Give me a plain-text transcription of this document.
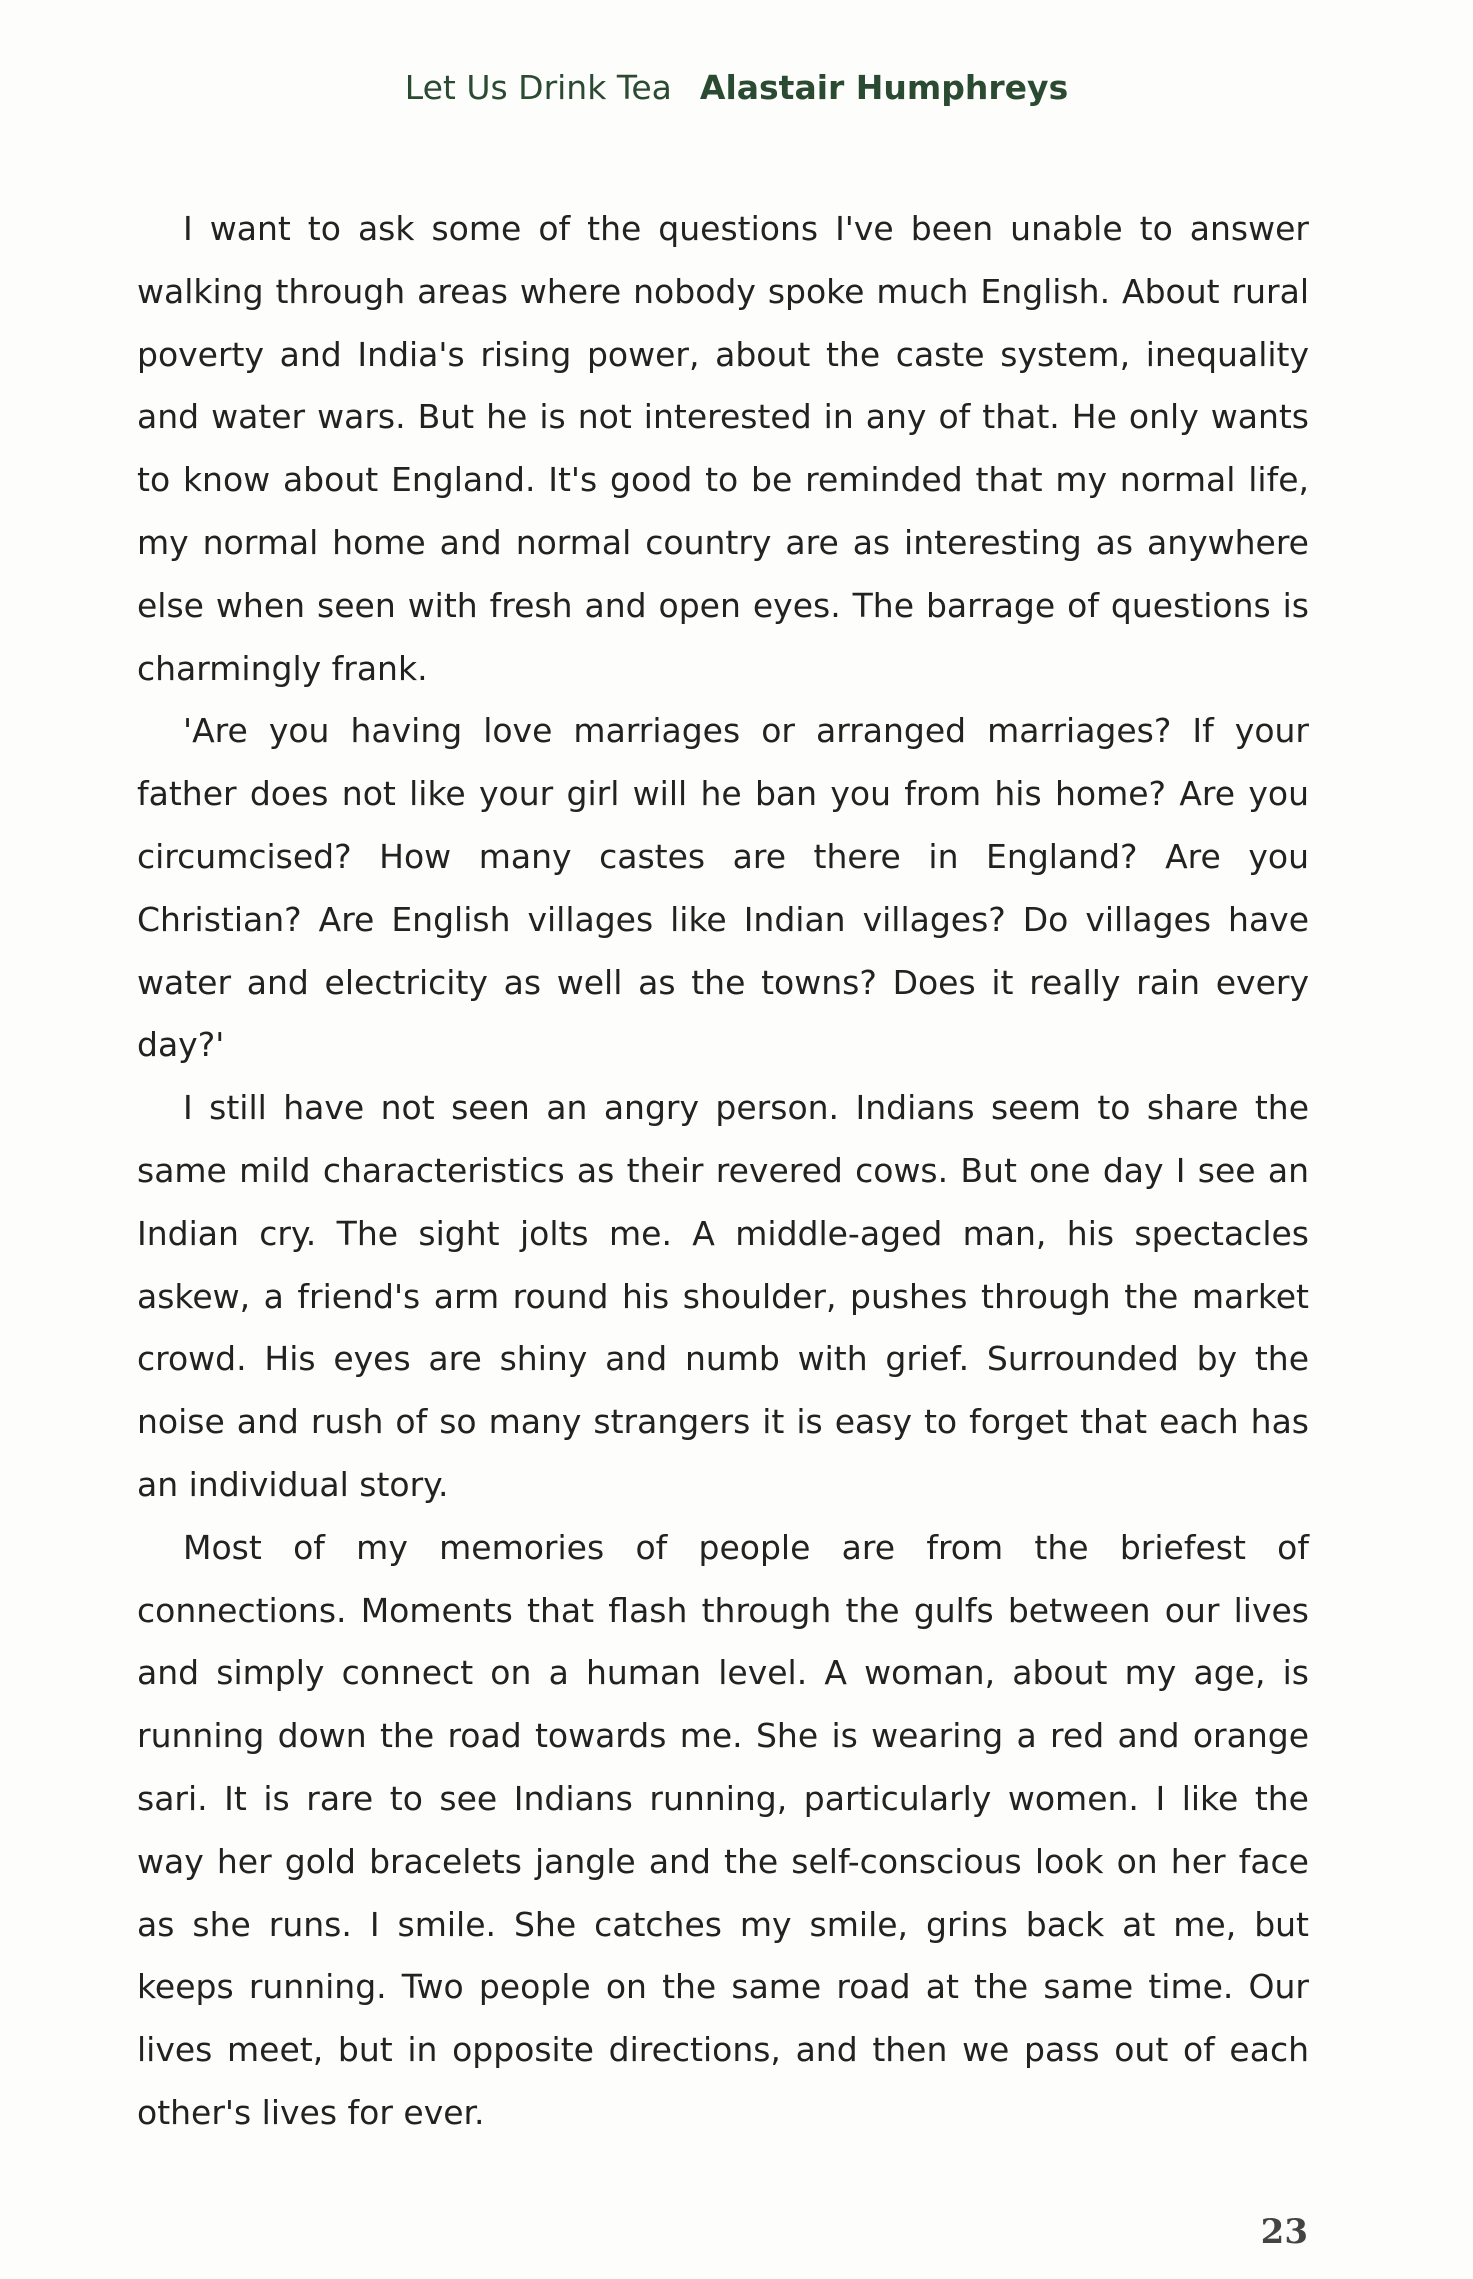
Let Us Drink Tea Alastair Humphreys

I want to ask some of the questions I've been unable to answer walking through areas where nobody spoke much English. About rural poverty and India's rising power, about the caste system, inequality and water wars. But he is not interested in any of that. He only wants to know about England. It's good to be reminded that my normal life, my normal home and normal country are as interesting as anywhere else when seen with fresh and open eyes. The barrage of questions is charmingly frank.

'Are you having love marriages or arranged marriages? If your father does not like your girl will he ban you from his home? Are you circumcised? How many castes are there in England? Are you Christian? Are English villages like Indian villages? Do villages have water and electricity as well as the towns? Does it really rain every day?'

I still have not seen an angry person. Indians seem to share the same mild characteristics as their revered cows. But one day I see an Indian cry. The sight jolts me. A middle-aged man, his spectacles askew, a friend's arm round his shoulder, pushes through the market crowd. His eyes are shiny and numb with grief. Surrounded by the noise and rush of so many strangers it is easy to forget that each has an individual story.

Most of my memories of people are from the briefest of connections. Moments that flash through the gulfs between our lives and simply connect on a human level. A woman, about my age, is running down the road towards me. She is wearing a red and orange sari. It is rare to see Indians running, particularly women. I like the way her gold bracelets jangle and the self-conscious look on her face as she runs. I smile. She catches my smile, grins back at me, but keeps running. Two people on the same road at the same time. Our lives meet, but in opposite directions, and then we pass out of each other's lives for ever.

23
